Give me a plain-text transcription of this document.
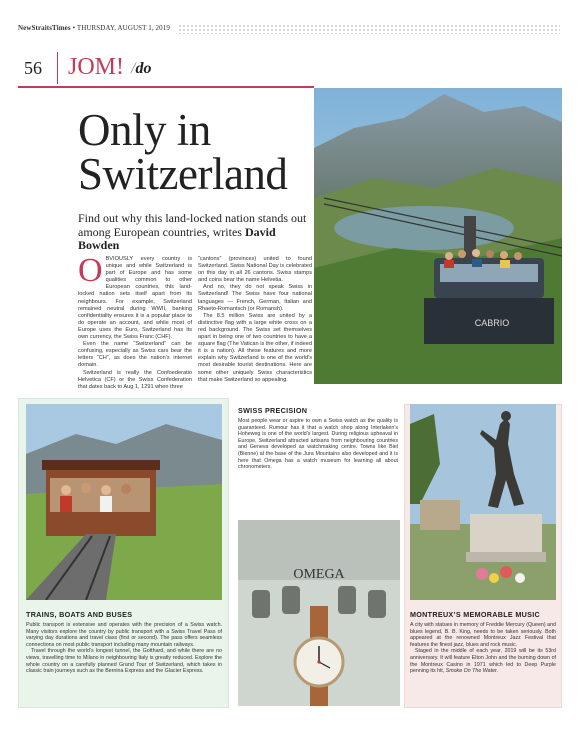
NewStraitsTimes • THURSDAY, AUGUST 1, 2019
56 JOM! /do
Only in
Switzerland
Find out why this land-locked nation stands out among European countries, writes David Bowden
O BVIOUSLY every country is unique and while Switzerland is part of Europe and has some qualities common to other European countries, this land-locked nation sets itself apart from its neighbours. For example, Switzerland remained neutral during WWII, banking confidentiality ensures it is a popular place to do operate an account, and while most of Europe uses the Euro, Switzerland has its own currency, the Swiss Franc (CHF).

Even the name “Switzerland” can be confusing, especially as Swiss cars bear the letters “CH”, as does the nation’s internet domain.

Switzerland is really the Confoederatio Helvetica (CF) or the Swiss Confederation that dates back to Aug 1, 1291 when three

“cantons” (provinces) united to found Switzerland. Swiss National Day is celebrated on this day in all 26 cantons. Swiss stamps and coins bear the name Helvetia.

And no, they do not speak Swiss in Switzerland! The Swiss have four national languages — French, German, Italian and Rhaeto-Romantsch (or Romansh).

The 8.5 million Swiss are united by a distinctive flag with a large white cross on a red background. The Swiss set themselves apart in being one of two countries to have a square flag (The Vatican is the other, if indeed it is a nation). All these features and more explain why Switzerland is one of the world’s most desirable tourist destinations. Here are some other uniquely Swiss characteristics that make Switzerland so appealing.

CABRIO
TRAINS, BOATS AND BUSES

Public transport is extensive and operates with the precision of a Swiss watch. Many visitors explore the country by public transport with a Swiss Travel Pass of varying day durations and travel class (first or second). The pass offers seamless connections on most public transport including many mountain railways.

Travel through the world’s longest tunnel, the Gotthard, and while there are no views, travelling time to Milano in neighbouring Italy is greatly reduced. Explore the whole country on a carefully planned Grand Tour of Switzerland, which takes in classic train journeys such as the Bernina Express and the Glacier Express.

SWISS PRECISION

Most people wear or aspire to own a Swiss watch as the quality is guaranteed. Rumour has it that a watch shop along Interlaken’s Hoheweg is one of the world’s largest. During religious upheaval in Europe, Switzerland attracted artisans from neighbouring countries and Geneva developed as watchmaking centre. Towns like Biel (Bienne) at the base of the Jura Mountains also developed and it is here that Omega has a watch museum for learning all about chronometers.

OMEGA
MONTREUX’S MEMORABLE MUSIC

A city with statues in memory of Freddie Mercury (Queen) and blues legend, B. B. King, needs to be taken seriously. Both appeared at the renowned Montreux Jazz Festival that features the finest jazz, blues and rock music.

Staged in the middle of each year, 2019 will be its 53rd anniversary. It will feature Elton John and the burning down of the Montreux Casino in 1971 which led to Deep Purple penning its hit, Smoke On The Water.
